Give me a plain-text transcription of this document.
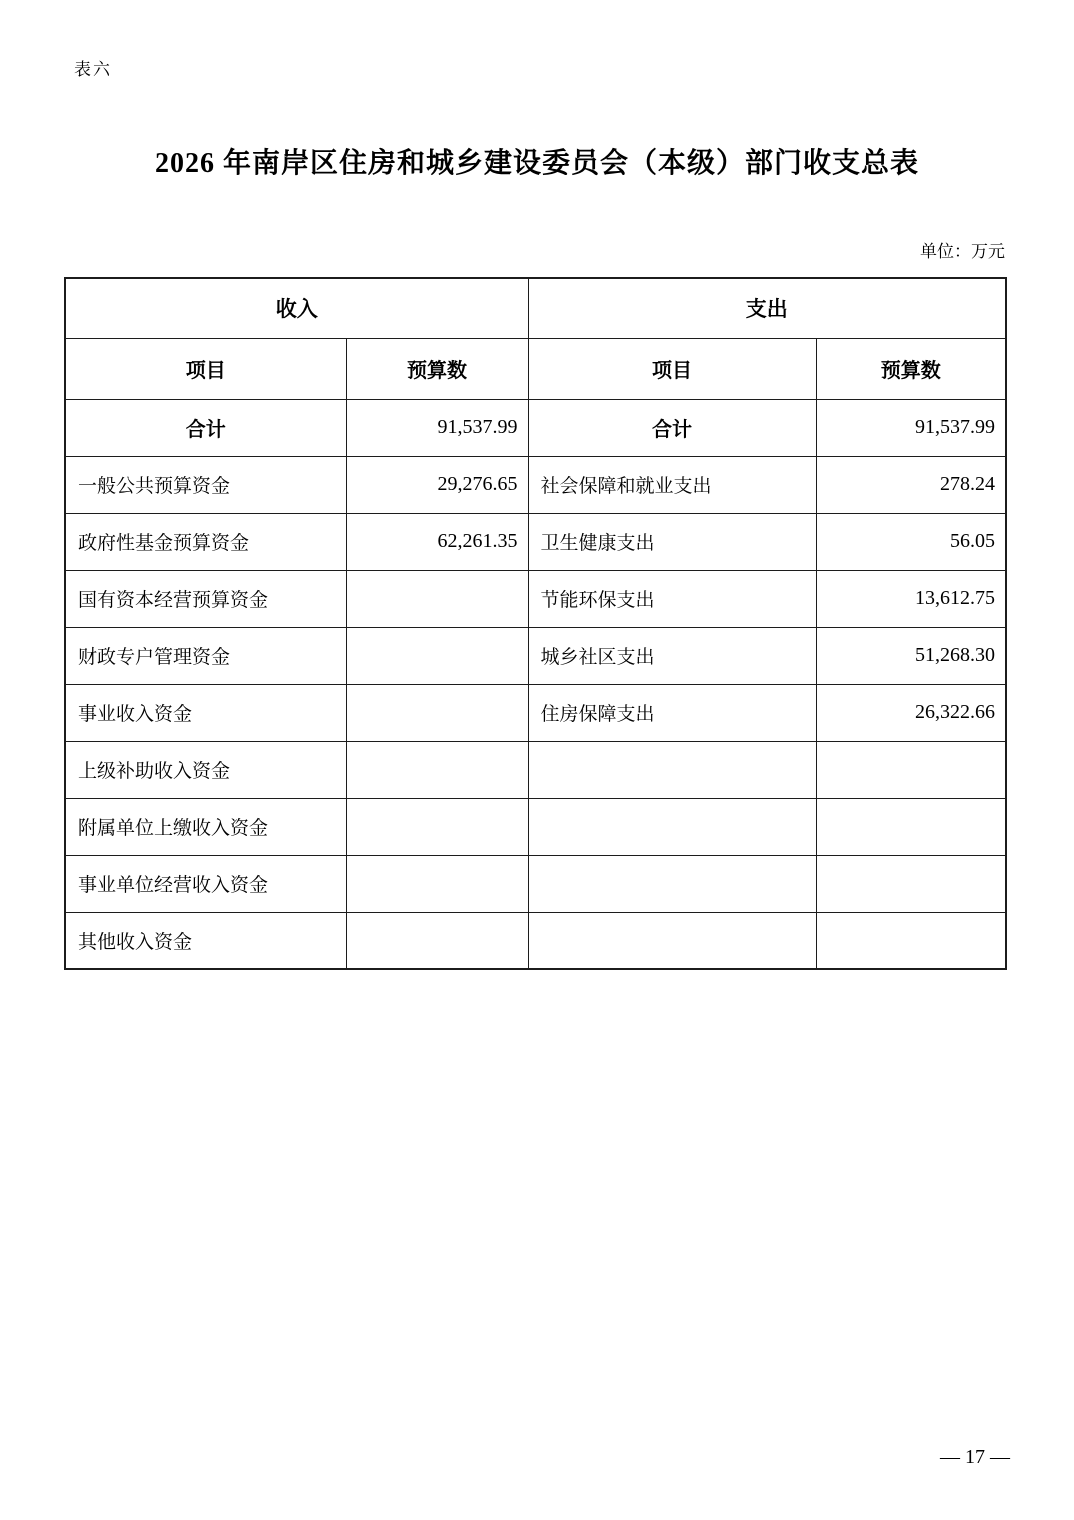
表六
2026 年南岸区住房和城乡建设委员会（本级）部门收支总表
单位：万元
收入		支出	
项目	预算数	项目	预算数
合计	91,537.99	合计	91,537.99
一般公共预算资金	29,276.65	社会保障和就业支出	278.24
政府性基金预算资金	62,261.35	卫生健康支出	56.05
国有资本经营预算资金		节能环保支出	13,612.75
财政专户管理资金		城乡社区支出	51,268.30
事业收入资金		住房保障支出	26,322.66
上级补助收入资金			
附属单位上缴收入资金			
事业单位经营收入资金			
其他收入资金			
— 17 —
